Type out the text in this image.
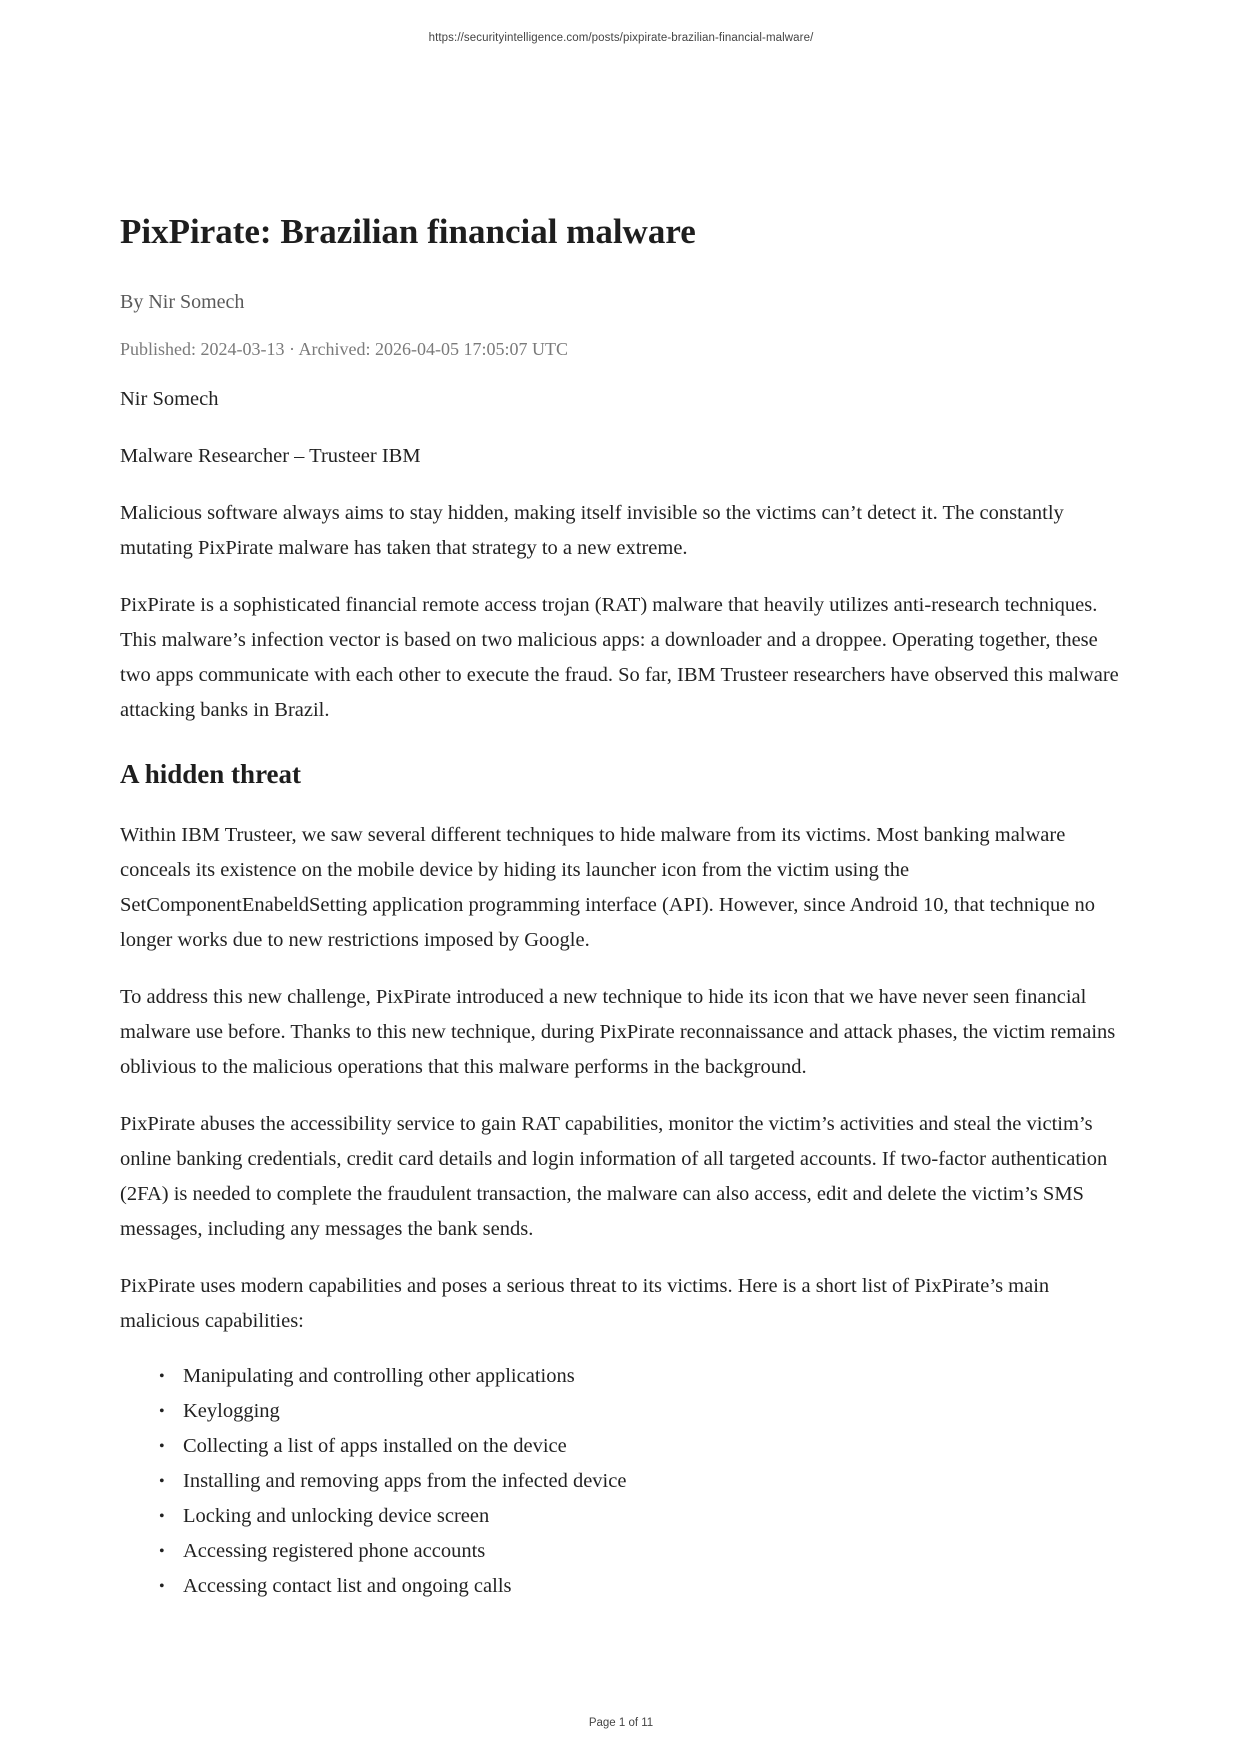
https://securityintelligence.com/posts/pixpirate-brazilian-financial-malware/
PixPirate: Brazilian financial malware
By Nir Somech
Published: 2024-03-13 · Archived: 2026-04-05 17:05:07 UTC

Nir Somech

Malware Researcher – Trusteer IBM

Malicious software always aims to stay hidden, making itself invisible so the victims can’t detect it. The constantly mutating PixPirate malware has taken that strategy to a new extreme.

PixPirate is a sophisticated financial remote access trojan (RAT) malware that heavily utilizes anti-research techniques. This malware’s infection vector is based on two malicious apps: a downloader and a droppee. Operating together, these two apps communicate with each other to execute the fraud. So far, IBM Trusteer researchers have observed this malware attacking banks in Brazil.

A hidden threat

Within IBM Trusteer, we saw several different techniques to hide malware from its victims. Most banking malware conceals its existence on the mobile device by hiding its launcher icon from the victim using the SetComponentEnabeldSetting application programming interface (API). However, since Android 10, that technique no longer works due to new restrictions imposed by Google.

To address this new challenge, PixPirate introduced a new technique to hide its icon that we have never seen financial malware use before. Thanks to this new technique, during PixPirate reconnaissance and attack phases, the victim remains oblivious to the malicious operations that this malware performs in the background.

PixPirate abuses the accessibility service to gain RAT capabilities, monitor the victim’s activities and steal the victim’s online banking credentials, credit card details and login information of all targeted accounts. If two-factor authentication (2FA) is needed to complete the fraudulent transaction, the malware can also access, edit and delete the victim’s SMS messages, including any messages the bank sends.

PixPirate uses modern capabilities and poses a serious threat to its victims. Here is a short list of PixPirate’s main malicious capabilities:

• Manipulating and controlling other applications
• Keylogging
• Collecting a list of apps installed on the device
• Installing and removing apps from the infected device
• Locking and unlocking device screen
• Accessing registered phone accounts
• Accessing contact list and ongoing calls
Page 1 of 11
